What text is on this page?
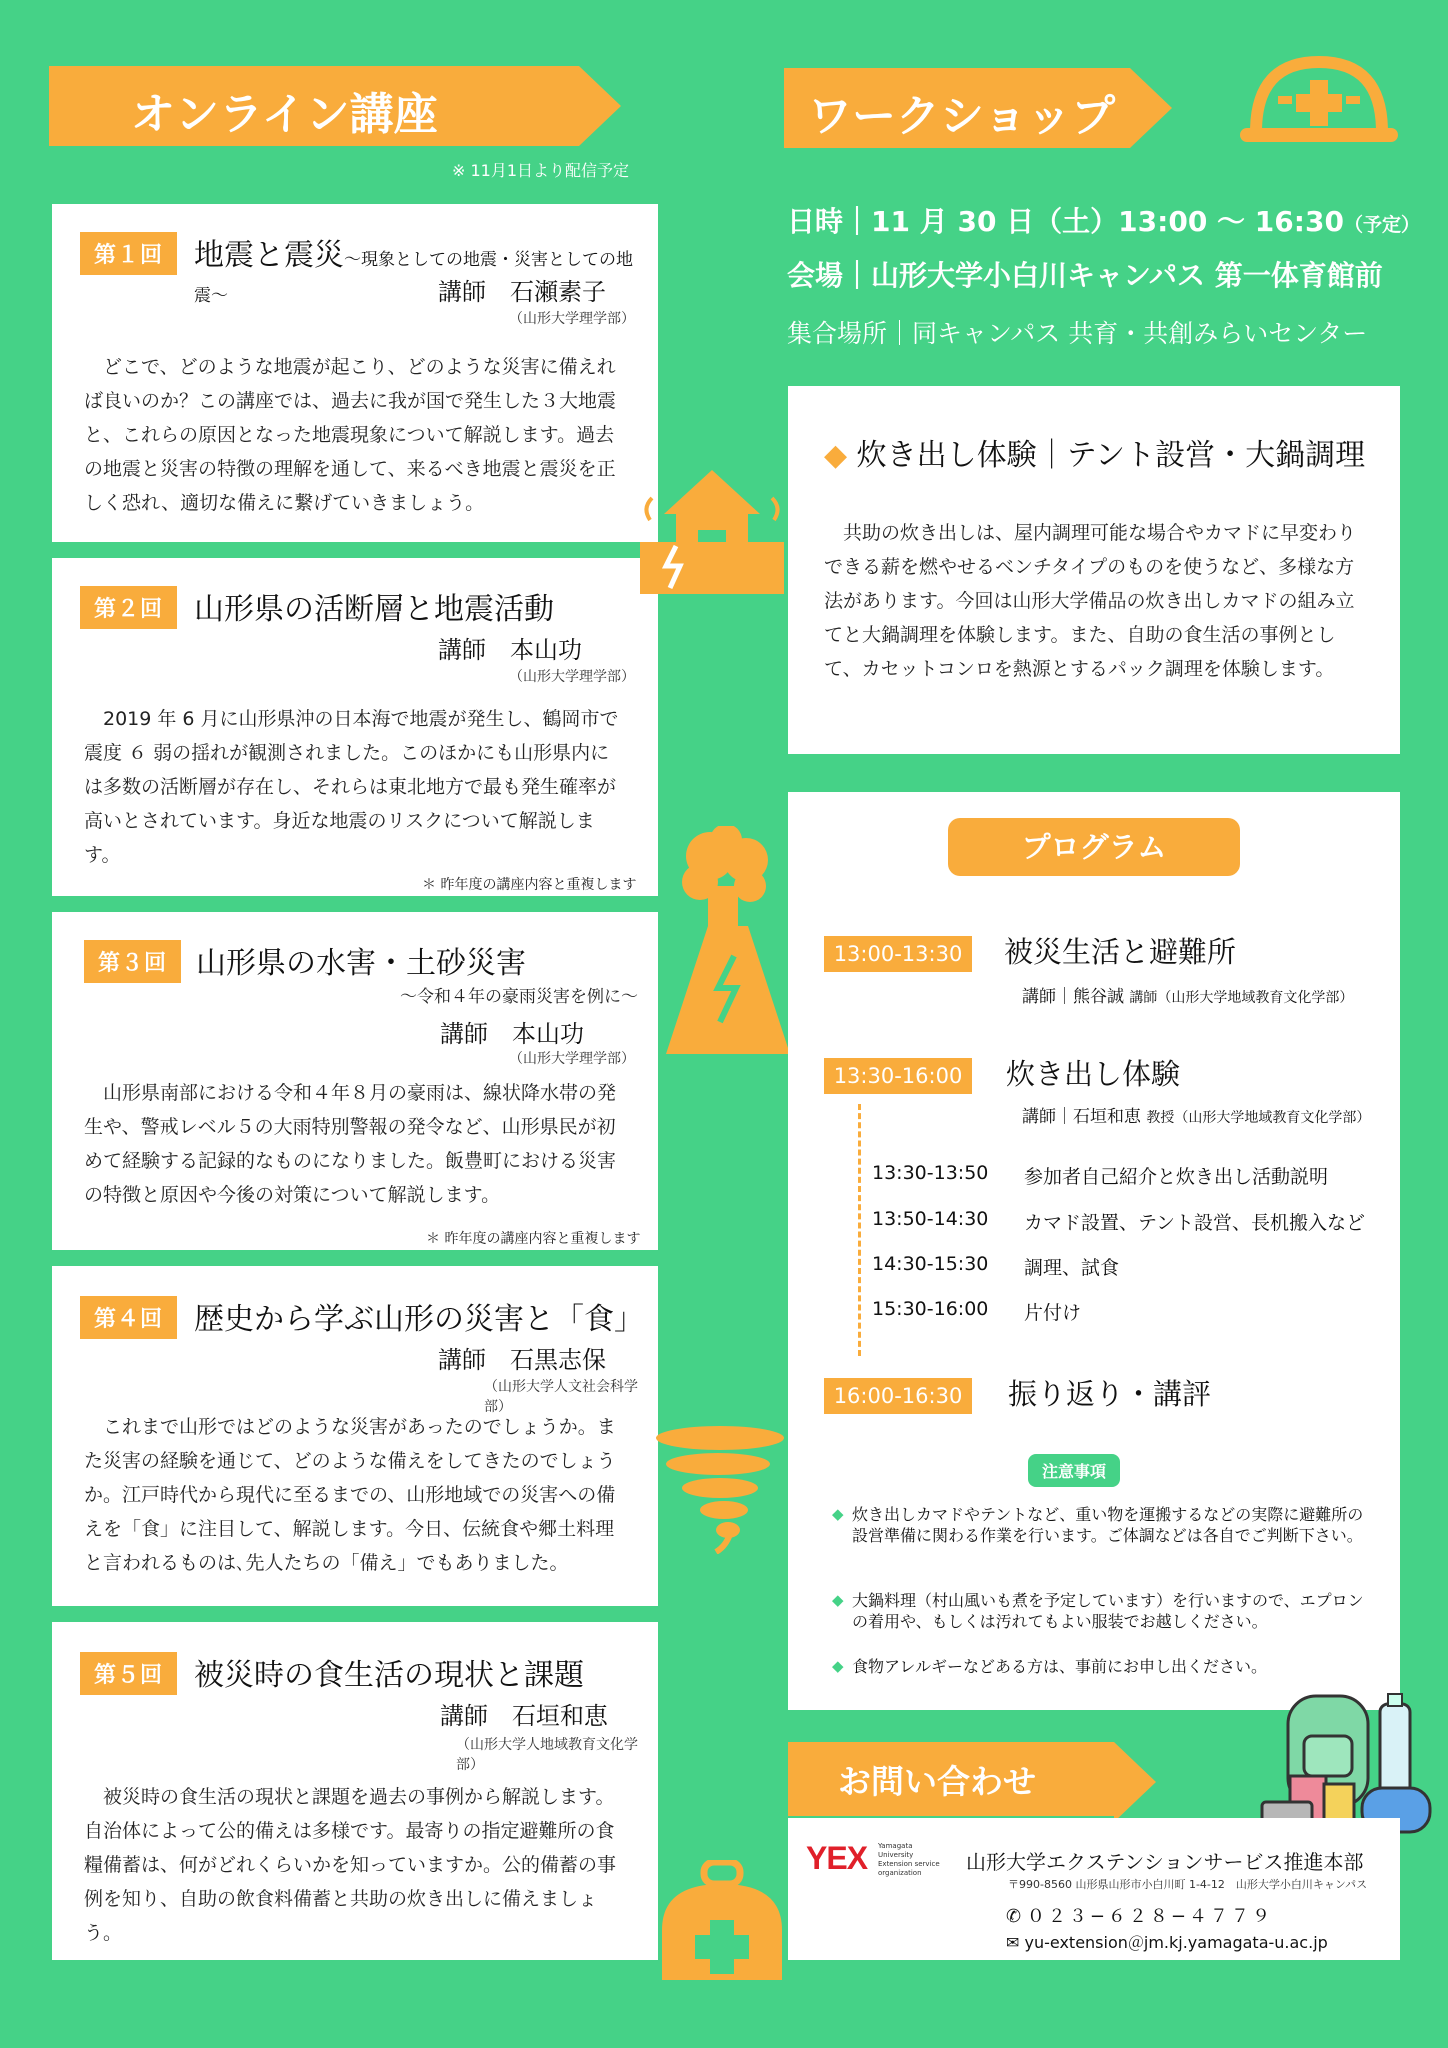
オンライン講座
※ 11月1日より配信予定
第１回	地震と震災〜現象としての地震・災害としての地震〜	講師　石瀬素子
（山形大学理学部）
どこで、どのような地震が起こり、どのような災害に備えれば良いのか？この講座では、過去に我が国で発生した３大地震と、これらの原因となった地震現象について解説します。過去の地震と災害の特徴の理解を通して、来るべき地震と震災を正しく恐れ、適切な備えに繋げていきましょう。
第２回	山形県の活断層と地震活動
講師　本山功
（山形大学理学部）
2019 年 6 月に山形県沖の日本海で地震が発生し、鶴岡市で震度 ６ 弱の揺れが観測されました。このほかにも山形県内には多数の活断層が存在し、それらは東北地方で最も発生確率が高いとされています。身近な地震のリスクについて解説します。
＊ 昨年度の講座内容と重複します
第３回 山形県の水害・土砂災害
〜令和４年の豪雨災害を例に〜
講師　本山功
（山形大学理学部）
山形県南部における令和４年８月の豪雨は、線状降水帯の発生や、警戒レベル５の大雨特別警報の発令など、山形県民が初めて経験する記録的なものになりました。飯豊町における災害の特徴と原因や今後の対策について解説します。
＊ 昨年度の講座内容と重複します
第４回	歴史から学ぶ山形の災害と「食」
講師　石黒志保
（山形大学人文社会科学部）
これまで山形ではどのような災害があったのでしょうか。また災害の経験を通じて、どのような備えをしてきたのでしょうか。江戸時代から現代に至るまでの、山形地域での災害への備えを「食」に注目して、解説します。今日、伝統食や郷土料理と言われるものは､先人たちの「備え」でもありました。
第５回	被災時の食生活の現状と課題
講師　石垣和恵
（山形大学人地域教育文化学部）
被災時の食生活の現状と課題を過去の事例から解説します。自治体によって公的備えは多様です。最寄りの指定避難所の食糧備蓄は、何がどれくらいかを知っていますか。公的備蓄の事例を知り、自助の飲食料備蓄と共助の炊き出しに備えましょう。
ワークショップ
日時｜11 月 30 日（土）13:00 〜 16:30（予定）
会場｜山形大学小白川キャンパス 第一体育館前
集合場所｜同キャンパス 共育・共創みらいセンター
◆ 炊き出し体験｜テント設営・大鍋調理
共助の炊き出しは、屋内調理可能な場合やカマドに早変わりできる薪を燃やせるベンチタイプのものを使うなど、多様な方法があります。今回は山形大学備品の炊き出しカマドの組み立てと大鍋調理を体験します。また、自助の食生活の事例として、カセットコンロを熱源とするパック調理を体験します。
プログラム
13:00-13:30	被災生活と避難所
講師｜熊谷誠 講師（山形大学地域教育文化学部）
13:30-16:00	炊き出し体験
講師｜石垣和恵 教授（山形大学地域教育文化学部）
13:30-13:50 参加者自己紹介と炊き出し活動説明
13:50-14:30 カマド設置、テント設営、長机搬入など
14:30-15:30 調理、試食
15:30-16:00 片付け
16:00-16:30	振り返り・講評
注意事項
◆ 炊き出しカマドやテントなど、重い物を運搬するなどの実際に避難所の設営準備に関わる作業を行います。ご体調などは各自でご判断下さい。
◆ 大鍋料理（村山風いも煮を予定しています）を行いますので、エプロンの着用や、もしくは汚れてもよい服装でお越しください。
◆ 食物アレルギーなどある方は、事前にお申し出ください。
お問い合わせ
YEX Yamagata University Extension service organization	山形大学エクステンションサービス推進本部
〒990-8560 山形県山形市小白川町 1-4-12　山形大学小白川キャンパス
✆ ０２３−６２８−４７７９
✉ yu-extension＠jm.kj.yamagata-u.ac.jp
